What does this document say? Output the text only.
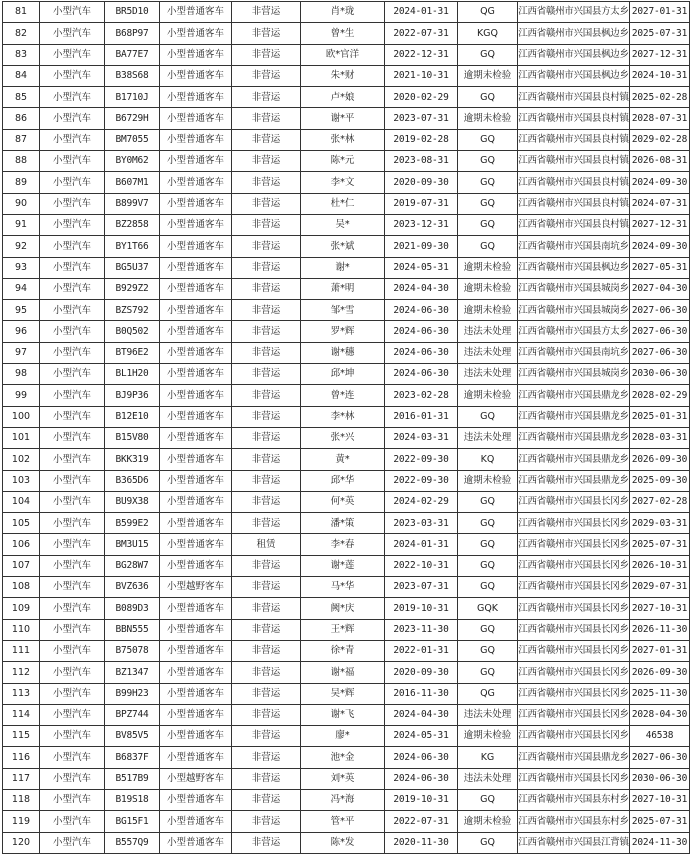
81	小型汽车	BR5D10	小型普通客车	非营运	肖*珑	2024-01-31	QG	江西省赣州市兴国县方太乡	2027-01-31
82	小型汽车	B68P97	小型普通客车	非营运	曾*生	2022-07-31	KGQ	江西省赣州市兴国县枫边乡	2025-07-31
83	小型汽车	BA77E7	小型普通客车	非营运	欧*官洋	2022-12-31	GQ	江西省赣州市兴国县枫边乡	2027-12-31
84	小型汽车	B38S68	小型普通客车	非营运	朱*财	2021-10-31	逾期未检验	江西省赣州市兴国县枫边乡	2024-10-31
85	小型汽车	B1710J	小型普通客车	非营运	卢*娘	2020-02-29	GQ	江西省赣州市兴国县良村镇	2025-02-28
86	小型汽车	B6729H	小型普通客车	非营运	谢*平	2023-07-31	逾期未检验	江西省赣州市兴国县良村镇	2028-07-31
87	小型汽车	BM7055	小型普通客车	非营运	张*林	2019-02-28	GQ	江西省赣州市兴国县良村镇	2029-02-28
88	小型汽车	BY0M62	小型普通客车	非营运	陈*元	2023-08-31	GQ	江西省赣州市兴国县良村镇	2026-08-31
89	小型汽车	B607M1	小型普通客车	非营运	李*文	2020-09-30	GQ	江西省赣州市兴国县良村镇	2024-09-30
90	小型汽车	B899V7	小型普通客车	非营运	杜*仁	2019-07-31	GQ	江西省赣州市兴国县良村镇	2024-07-31
91	小型汽车	BZ2858	小型普通客车	非营运	吴*	2023-12-31	GQ	江西省赣州市兴国县良村镇	2027-12-31
92	小型汽车	BY1T66	小型普通客车	非营运	张*斌	2021-09-30	GQ	江西省赣州市兴国县南坑乡	2024-09-30
93	小型汽车	BG5U37	小型普通客车	非营运	谢*	2024-05-31	逾期未检验	江西省赣州市兴国县枫边乡	2027-05-31
94	小型汽车	B929Z2	小型普通客车	非营运	萧*明	2024-04-30	逾期未检验	江西省赣州市兴国县城岗乡	2027-04-30
95	小型汽车	BZS792	小型普通客车	非营运	邹*雪	2024-06-30	逾期未检验	江西省赣州市兴国县城岗乡	2027-06-30
96	小型汽车	B0Q502	小型普通客车	非营运	罗*辉	2024-06-30	违法未处理	江西省赣州市兴国县方太乡	2027-06-30
97	小型汽车	BT96E2	小型普通客车	非营运	谢*穗	2024-06-30	违法未处理	江西省赣州市兴国县南坑乡	2027-06-30
98	小型汽车	BL1H20	小型普通客车	非营运	邱*坤	2024-06-30	违法未处理	江西省赣州市兴国县城岗乡	2030-06-30
99	小型汽车	BJ9P36	小型普通客车	非营运	曾*连	2023-02-28	逾期未检验	江西省赣州市兴国县鼎龙乡	2028-02-29
100	小型汽车	B12E10	小型普通客车	非营运	李*林	2016-01-31	GQ	江西省赣州市兴国县鼎龙乡	2025-01-31
101	小型汽车	B15V80	小型普通客车	非营运	张*兴	2024-03-31	违法未处理	江西省赣州市兴国县鼎龙乡	2028-03-31
102	小型汽车	BKK319	小型普通客车	非营运	黄*	2022-09-30	KQ	江西省赣州市兴国县鼎龙乡	2026-09-30
103	小型汽车	B365D6	小型普通客车	非营运	邱*华	2022-09-30	逾期未检验	江西省赣州市兴国县鼎龙乡	2025-09-30
104	小型汽车	BU9X38	小型普通客车	非营运	何*英	2024-02-29	GQ	江西省赣州市兴国县长冈乡	2027-02-28
105	小型汽车	B599E2	小型普通客车	非营运	潘*策	2023-03-31	GQ	江西省赣州市兴国县长冈乡	2029-03-31
106	小型汽车	BM3U15	小型普通客车	租赁	李*春	2024-01-31	GQ	江西省赣州市兴国县长冈乡	2025-07-31
107	小型汽车	BG28W7	小型普通客车	非营运	谢*莲	2022-10-31	GQ	江西省赣州市兴国县长冈乡	2026-10-31
108	小型汽车	BVZ636	小型越野客车	非营运	马*华	2023-07-31	GQ	江西省赣州市兴国县长冈乡	2029-07-31
109	小型汽车	B089D3	小型普通客车	非营运	阙*庆	2019-10-31	GQK	江西省赣州市兴国县长冈乡	2027-10-31
110	小型汽车	BBN555	小型普通客车	非营运	王*辉	2023-11-30	GQ	江西省赣州市兴国县长冈乡	2026-11-30
111	小型汽车	B75078	小型普通客车	非营运	徐*青	2022-01-31	GQ	江西省赣州市兴国县长冈乡	2027-01-31
112	小型汽车	BZ1347	小型普通客车	非营运	谢*福	2020-09-30	GQ	江西省赣州市兴国县长冈乡	2026-09-30
113	小型汽车	B99H23	小型普通客车	非营运	吴*辉	2016-11-30	QG	江西省赣州市兴国县长冈乡	2025-11-30
114	小型汽车	BPZ744	小型普通客车	非营运	谢*飞	2024-04-30	违法未处理	江西省赣州市兴国县长冈乡	2028-04-30
115	小型汽车	BV85V5	小型普通客车	非营运	廖*	2024-05-31	逾期未检验	江西省赣州市兴国县长冈乡	46538
116	小型汽车	B6837F	小型普通客车	非营运	池*金	2024-06-30	KG	江西省赣州市兴国县鼎龙乡	2027-06-30
117	小型汽车	B517B9	小型越野客车	非营运	刘*英	2024-06-30	违法未处理	江西省赣州市兴国县长冈乡	2030-06-30
118	小型汽车	B19S18	小型普通客车	非营运	冯*海	2019-10-31	GQ	江西省赣州市兴国县东村乡	2027-10-31
119	小型汽车	BG15F1	小型普通客车	非营运	管*平	2022-07-31	逾期未检验	江西省赣州市兴国县东村乡	2025-07-31
120	小型汽车	B557Q9	小型普通客车	非营运	陈*发	2020-11-30	GQ	江西省赣州市兴国县江背镇	2024-11-30
